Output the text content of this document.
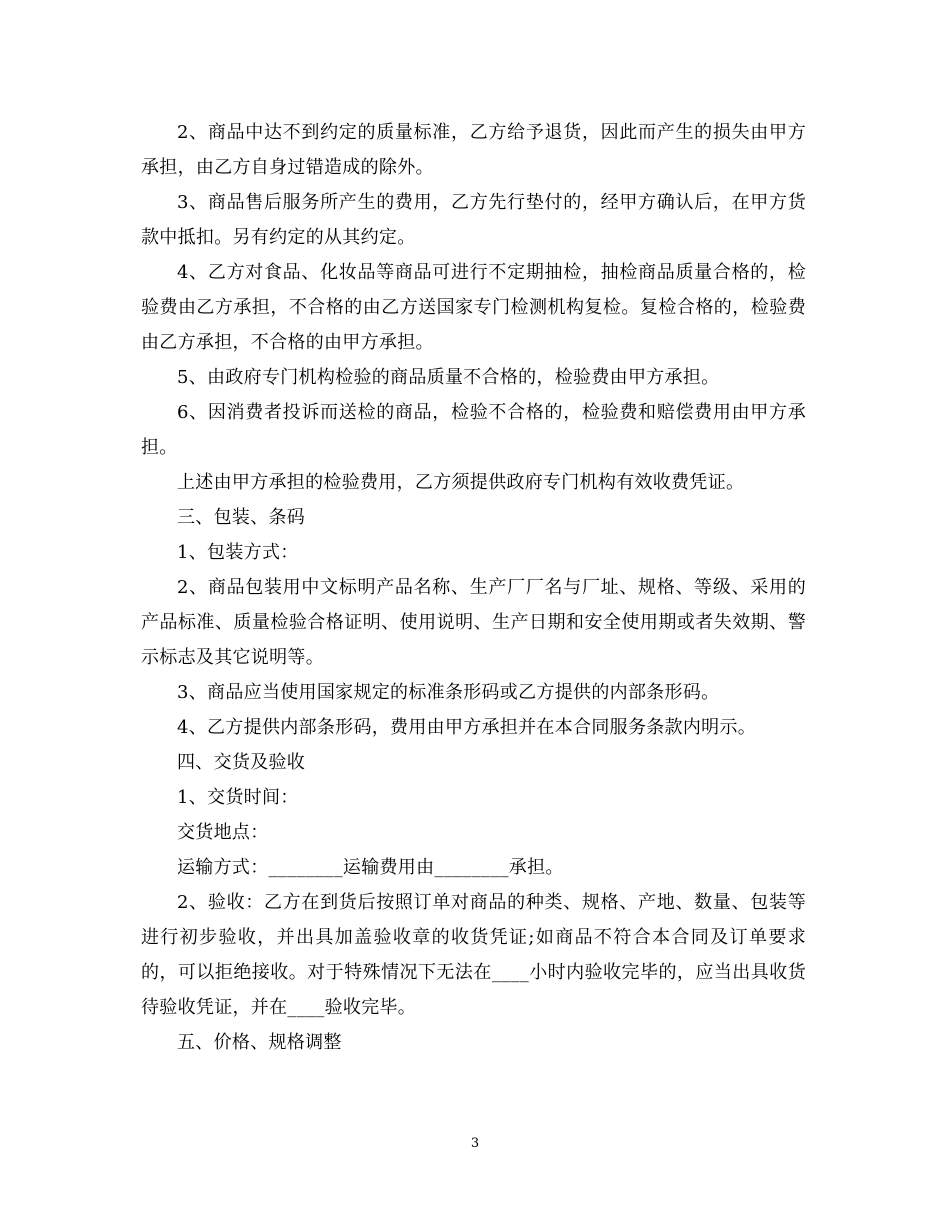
2、商品中达不到约定的质量标准，乙方给予退货，因此而产生的损失由甲方承担，由乙方自身过错造成的除外。

3、商品售后服务所产生的费用，乙方先行垫付的，经甲方确认后，在甲方货款中抵扣。另有约定的从其约定。

4、乙方对食品、化妆品等商品可进行不定期抽检，抽检商品质量合格的，检验费由乙方承担，不合格的由乙方送国家专门检测机构复检。复检合格的，检验费由乙方承担，不合格的由甲方承担。

5、由政府专门机构检验的商品质量不合格的，检验费由甲方承担。

6、因消费者投诉而送检的商品，检验不合格的，检验费和赔偿费用由甲方承担。

上述由甲方承担的检验费用，乙方须提供政府专门机构有效收费凭证。

三、包装、条码

1、包装方式：

2、商品包装用中文标明产品名称、生产厂厂名与厂址、规格、等级、采用的产品标准、质量检验合格证明、使用说明、生产日期和安全使用期或者失效期、警示标志及其它说明等。

3、商品应当使用国家规定的标准条形码或乙方提供的内部条形码。

4、乙方提供内部条形码，费用由甲方承担并在本合同服务条款内明示。

四、交货及验收

1、交货时间：

交货地点：

运输方式：________运输费用由________承担。

2、验收：乙方在到货后按照订单对商品的种类、规格、产地、数量、包装等进行初步验收，并出具加盖验收章的收货凭证;如商品不符合本合同及订单要求的，可以拒绝接收。对于特殊情况下无法在____小时内验收完毕的，应当出具收货待验收凭证，并在____验收完毕。

五、价格、规格调整

3
